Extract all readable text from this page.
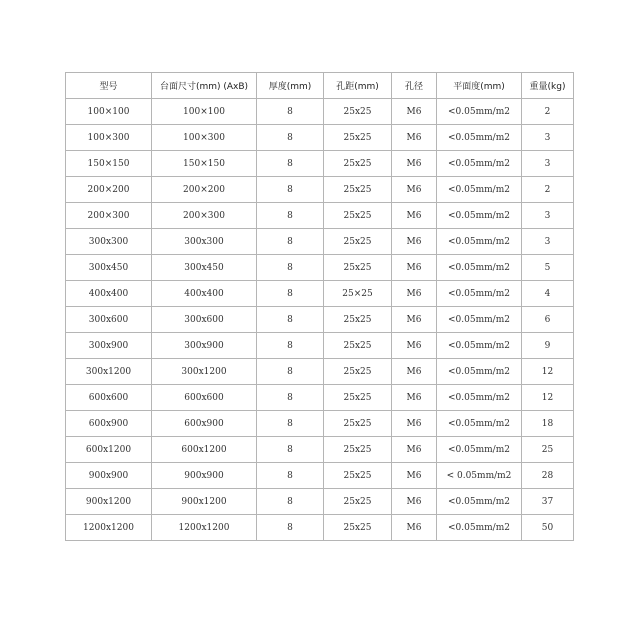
型号	台面尺寸(mm) (AxB)	厚度(mm)	孔距(mm)	孔径	平面度(mm)	重量(kg)
100×100	100×100	8	25x25	M6	<0.05mm/m2	2
100×300	100×300	8	25x25	M6	<0.05mm/m2	3
150×150	150×150	8	25x25	M6	<0.05mm/m2	3
200×200	200×200	8	25x25	M6	<0.05mm/m2	2
200×300	200×300	8	25x25	M6	<0.05mm/m2	3
300x300	300x300	8	25x25	M6	<0.05mm/m2	3
300x450	300x450	8	25x25	M6	<0.05mm/m2	5
400x400	400x400	8	25×25	M6	<0.05mm/m2	4
300x600	300x600	8	25x25	M6	<0.05mm/m2	6
300x900	300x900	8	25x25	M6	<0.05mm/m2	9
300x1200	300x1200	8	25x25	M6	<0.05mm/m2	12
600x600	600x600	8	25x25	M6	<0.05mm/m2	12
600x900	600x900	8	25x25	M6	<0.05mm/m2	18
600x1200	600x1200	8	25x25	M6	<0.05mm/m2	25
900x900	900x900	8	25x25	M6	< 0.05mm/m2	28
900x1200	900x1200	8	25x25	M6	<0.05mm/m2	37
1200x1200	1200x1200	8	25x25	M6	<0.05mm/m2	50
